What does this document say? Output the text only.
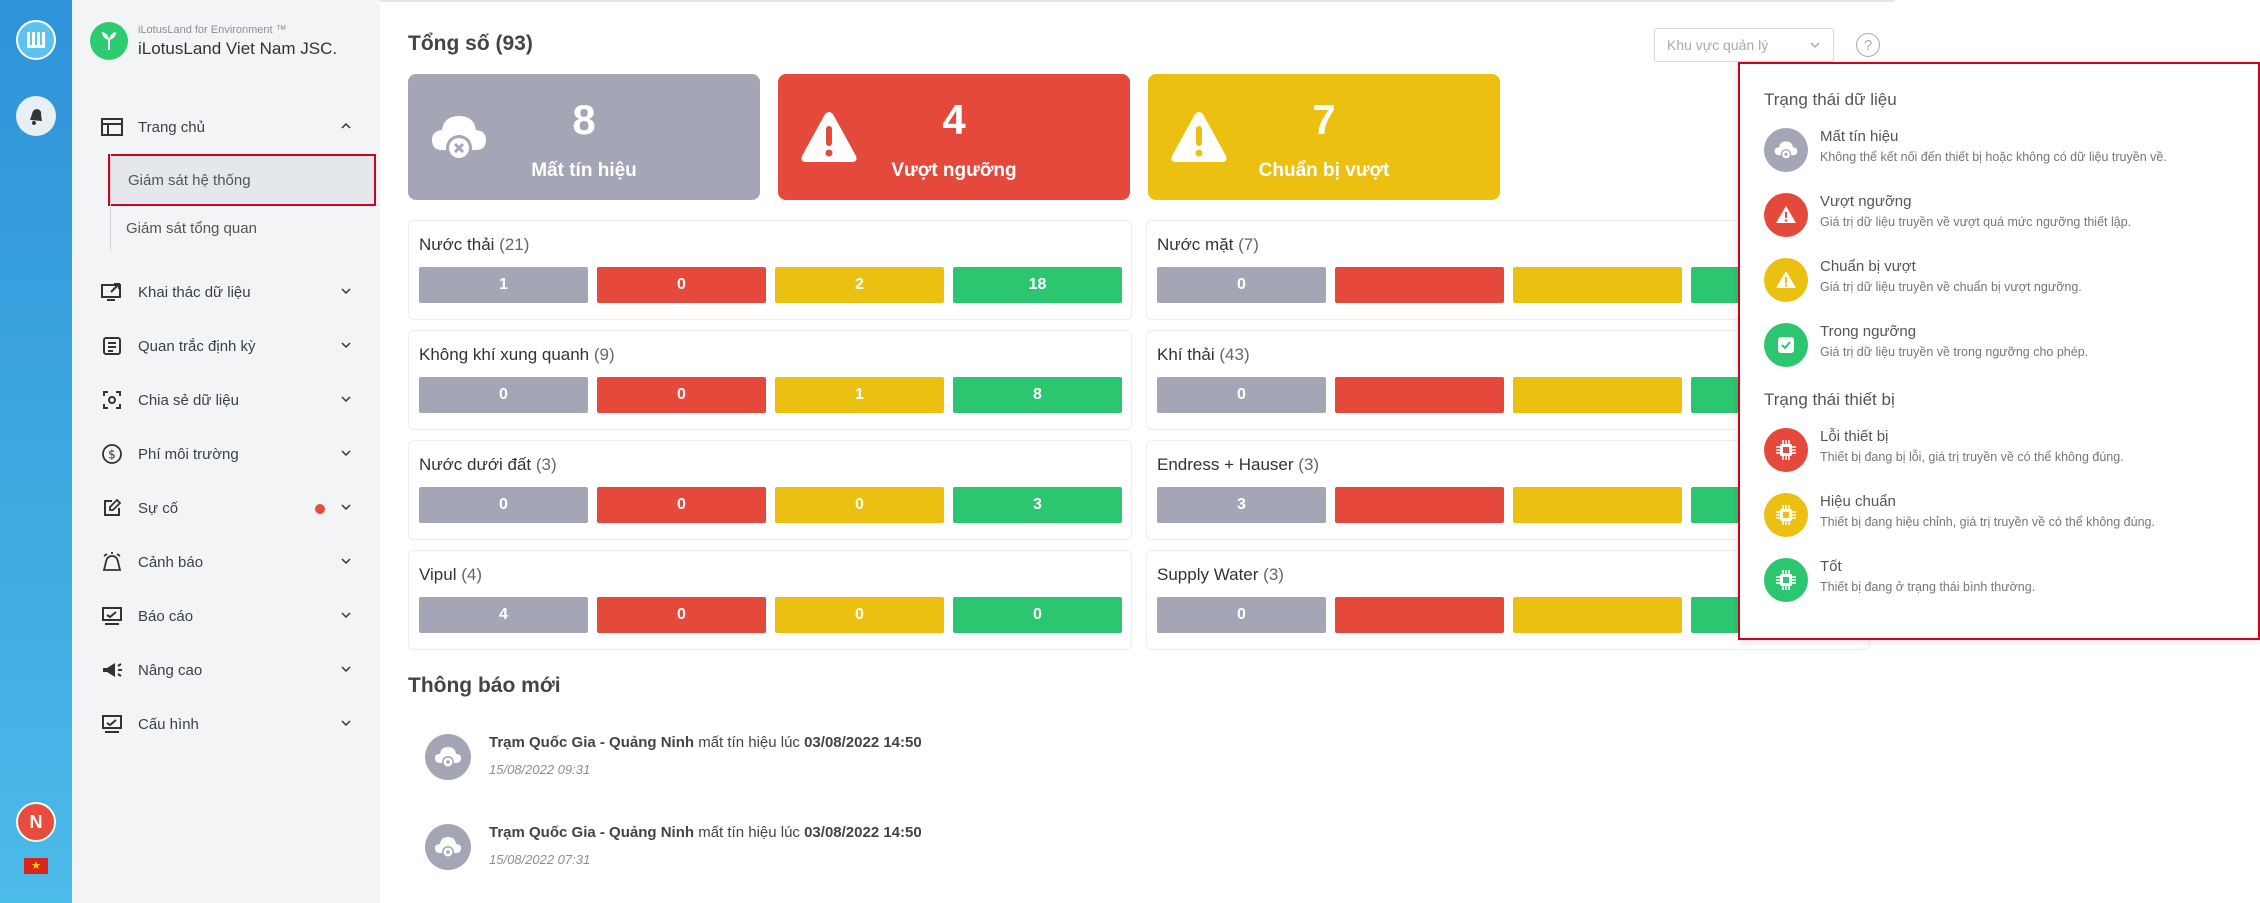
N
★
iLotusLand for Environment ™
iLotusLand Viet Nam JSC.
Trang chủ
Giám sát hệ thống
Giám sát tổng quan
Khai thác dữ liệu
Quan trắc định kỳ
Chia sẻ dữ liệu
$ Phí môi trường
Sự cố
Cảnh báo
Báo cáo
Nâng cao
Cấu hình
Tổng số (93)	Khu vực quản lý	?
8
Mất tín hiệu
4
Vượt ngưỡng
7
Chuẩn bị vượt
Nước thải (21)
1	0	2	18
Nước mặt (7)
0
Không khí xung quanh (9)
0	0	1	8
Khí thải (43)
0
Nước dưới đất (3)
0	0	0	3
Endress + Hauser (3)
3
Vipul (4)
4	0	0	0
Supply Water (3)
0
Thông báo mới
Trạm Quốc Gia - Quảng Ninh mất tín hiệu lúc 03/08/2022 14:50
15/08/2022 09:31
Trạm Quốc Gia - Quảng Ninh mất tín hiệu lúc 03/08/2022 14:50
15/08/2022 07:31
Trạng thái dữ liệu
Mất tín hiệu
Không thể kết nối đến thiết bị hoặc không có dữ liệu truyền về.
Vượt ngưỡng
Giá trị dữ liệu truyền về vượt quá mức ngưỡng thiết lập.
Chuẩn bị vượt
Giá trị dữ liệu truyền về chuẩn bị vượt ngưỡng.
Trong ngưỡng
Giá trị dữ liệu truyền về trong ngưỡng cho phép.
Trạng thái thiết bị
Lỗi thiết bị
Thiết bị đang bị lỗi, giá trị truyền về có thể không đúng.
Hiệu chuẩn
Thiết bị đang hiệu chỉnh, giá trị truyền về có thể không đúng.
Tốt
Thiết bị đang ở trạng thái bình thường.
